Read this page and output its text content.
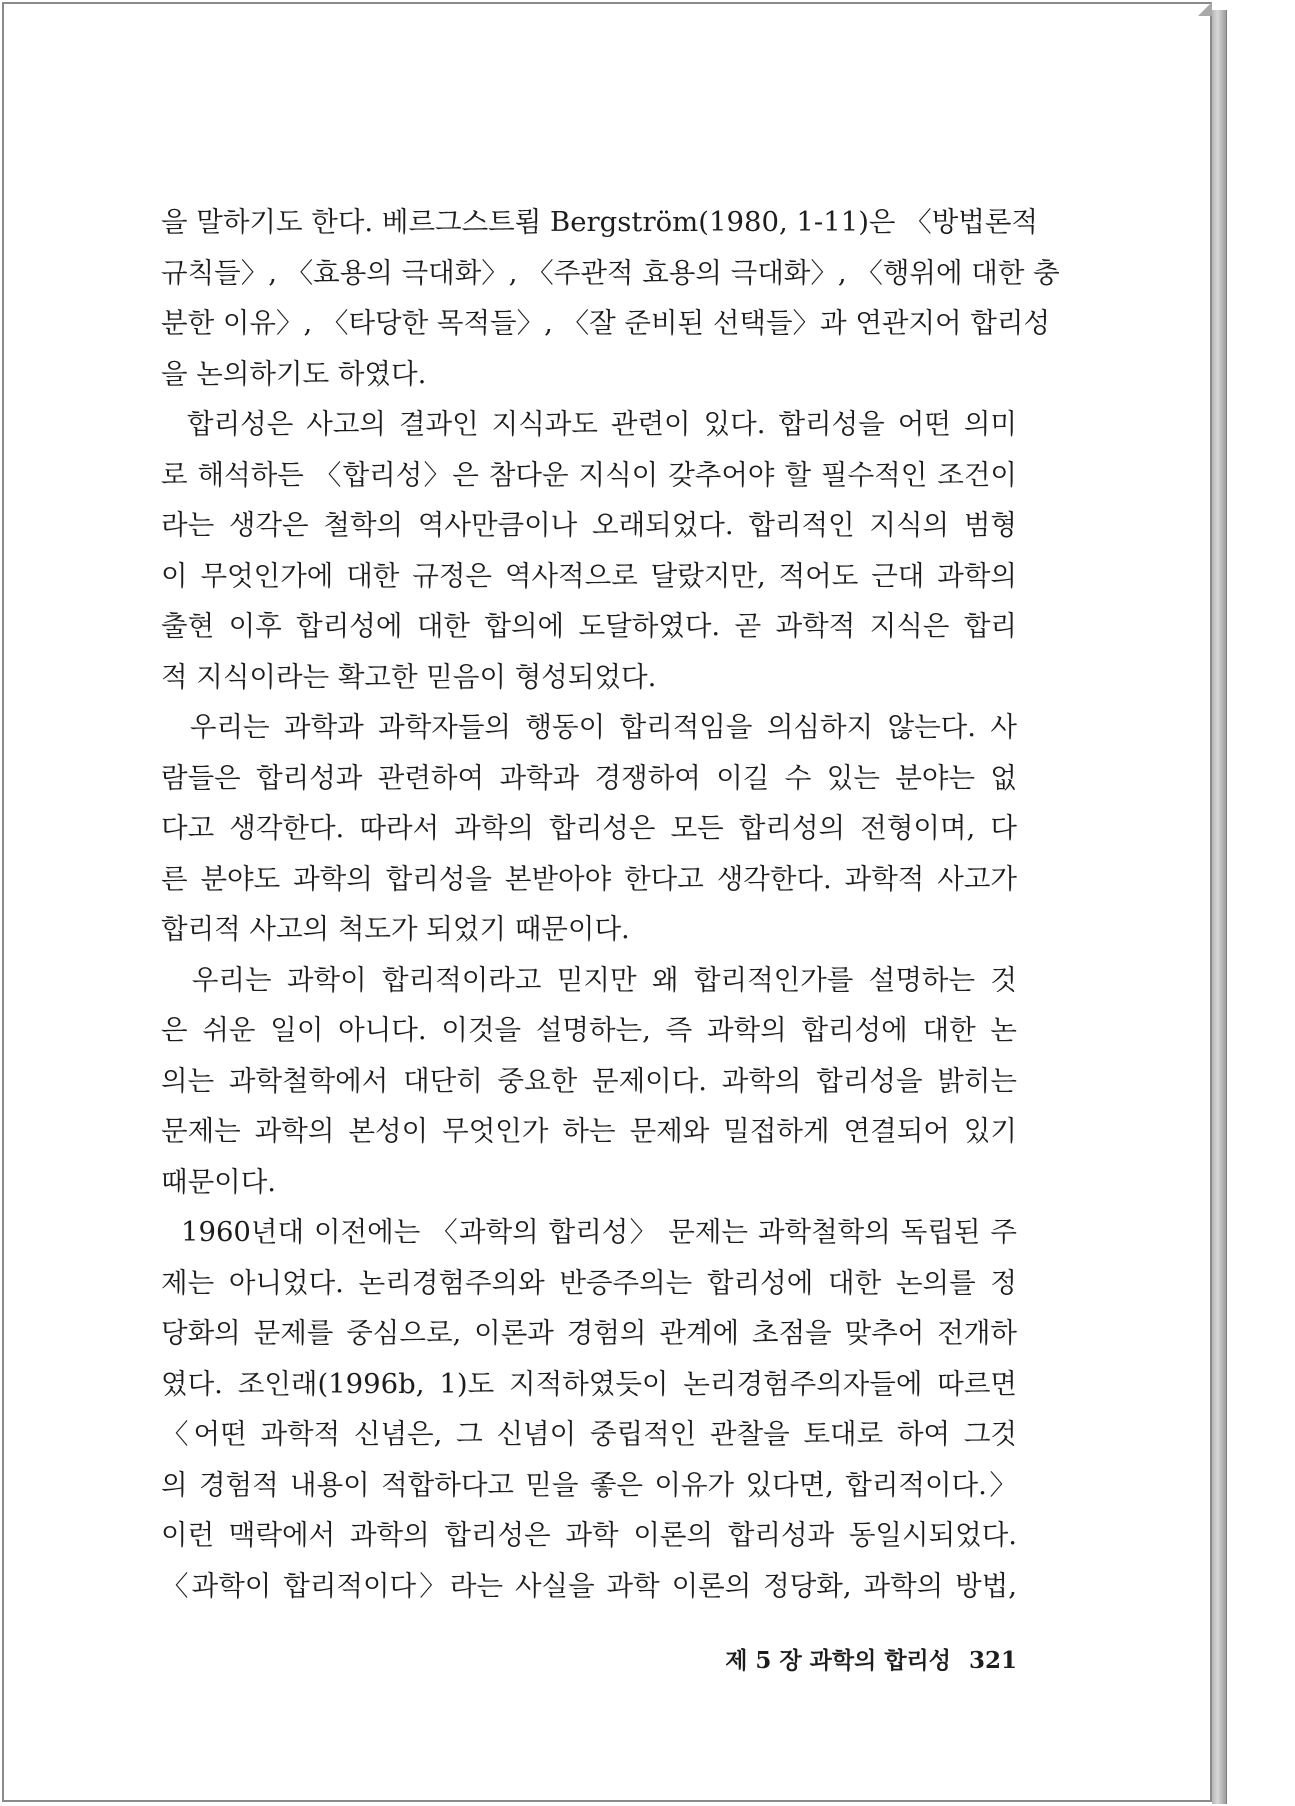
을 말하기도 한다. 베르그스트룀 Bergström(1980, 1-11)은 〈방법론적
규칙들〉, 〈효용의 극대화〉, 〈주관적 효용의 극대화〉, 〈행위에 대한 충
분한 이유〉, 〈타당한 목적들〉, 〈잘 준비된 선택들〉과 연관지어 합리성
을 논의하기도 하였다.
합리성은 사고의 결과인 지식과도 관련이 있다. 합리성을 어떤 의미
로 해석하든 〈합리성〉은 참다운 지식이 갖추어야 할 필수적인 조건이
라는 생각은 철학의 역사만큼이나 오래되었다. 합리적인 지식의 범형
이 무엇인가에 대한 규정은 역사적으로 달랐지만, 적어도 근대 과학의
출현 이후 합리성에 대한 합의에 도달하였다. 곧 과학적 지식은 합리
적 지식이라는 확고한 믿음이 형성되었다.
우리는 과학과 과학자들의 행동이 합리적임을 의심하지 않는다. 사
람들은 합리성과 관련하여 과학과 경쟁하여 이길 수 있는 분야는 없
다고 생각한다. 따라서 과학의 합리성은 모든 합리성의 전형이며, 다
른 분야도 과학의 합리성을 본받아야 한다고 생각한다. 과학적 사고가
합리적 사고의 척도가 되었기 때문이다.
우리는 과학이 합리적이라고 믿지만 왜 합리적인가를 설명하는 것
은 쉬운 일이 아니다. 이것을 설명하는, 즉 과학의 합리성에 대한 논
의는 과학철학에서 대단히 중요한 문제이다. 과학의 합리성을 밝히는
문제는 과학의 본성이 무엇인가 하는 문제와 밀접하게 연결되어 있기
때문이다.
1960년대 이전에는 〈과학의 합리성〉 문제는 과학철학의 독립된 주
제는 아니었다. 논리경험주의와 반증주의는 합리성에 대한 논의를 정
당화의 문제를 중심으로, 이론과 경험의 관계에 초점을 맞추어 전개하
였다. 조인래(1996b, 1)도 지적하였듯이 논리경험주의자들에 따르면
〈어떤 과학적 신념은, 그 신념이 중립적인 관찰을 토대로 하여 그것
의 경험적 내용이 적합하다고 믿을 좋은 이유가 있다면, 합리적이다.〉
이런 맥락에서 과학의 합리성은 과학 이론의 합리성과 동일시되었다.
〈과학이 합리적이다〉라는 사실을 과학 이론의 정당화, 과학의 방법,
제 5 장 과학의 합리성 321
